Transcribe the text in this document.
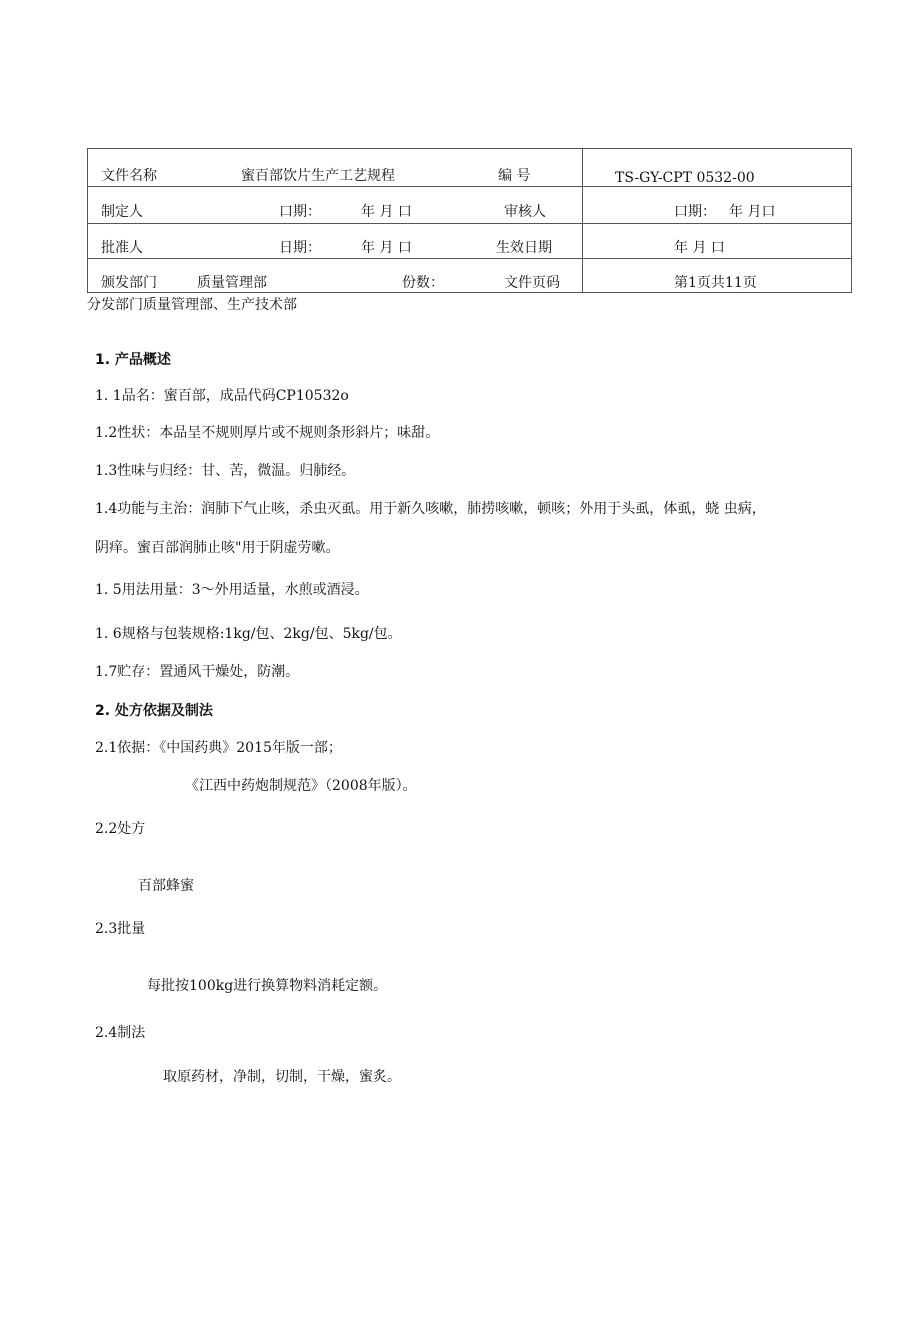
文件名称	蜜百部饮片生产工艺规程	编 号	TS-GY-CPT 0532-00
制定人	口期：	年 月 口	审核人	口期： 年 月口
批准人	日期：	年 月 口	生效日期	年 月 口
颁发部门	质量管理部	份数：	文件页码	第1页共11页
分发部门质量管理部、生产技术部
1. 产品概述
1. 1品名：蜜百部，成品代码CP10532o
1.2性状：本品呈不规则厚片或不规则条形斜片；味甜。
1.3性味与归经：甘、苦，微温。归肺经。
1.4功能与主治：润肺下气止咳，杀虫灭虱。用于新久咳嗽，肺捞咳嗽，顿咳；外用于头虱，体虱，蛲 虫病，
阴痒。蜜百部润肺止咳"用于阴虚劳嗽。
1. 5用法用量：3〜外用适量，水煎或酒浸。
1. 6规格与包装规格:1kg/包、2kg/包、5kg/包。
1.7贮存：置通风干燥处，防潮。
2. 处方依据及制法
2.1依据：《中国药典》2015年版一部；
《江西中药炮制规范》（2008年版）。
2.2处方
百部蜂蜜
2.3批量
每批按100kg进行换算物料消耗定额。
2.4制法
取原药材，净制，切制，干燥，蜜炙。
